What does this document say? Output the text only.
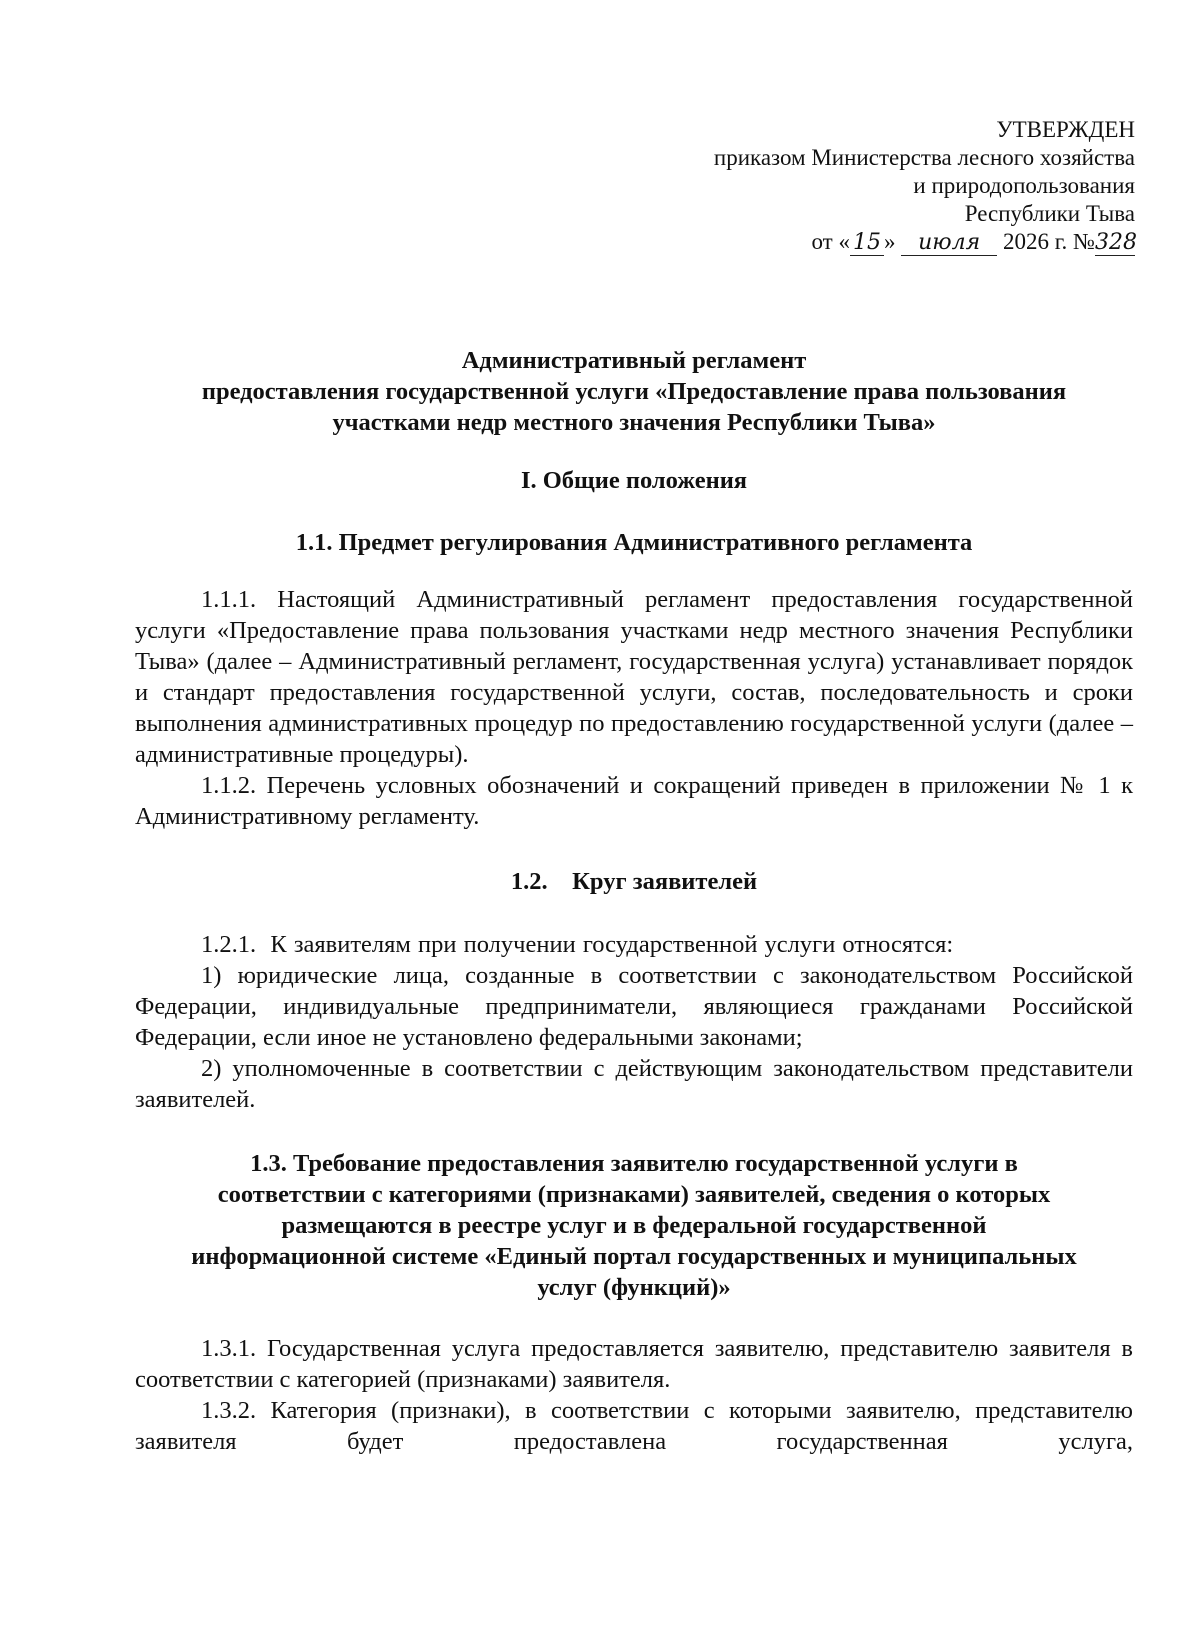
УТВЕРЖДЕН
приказом Министерства лесного хозяйства
и природопользования
Республики Тыва
от « 15 » июля 2026 г. №328
Административный регламент
предоставления государственной услуги «Предоставление права пользования
участками недр местного значения Республики Тыва»
I. Общие положения
1.1. Предмет регулирования Административного регламента

1.1.1. Настоящий Административный регламент предоставления государственной услуги «Предоставление права пользования участками недр местного значения Республики Тыва» (далее – Административный регламент, государственная услуга) устанавливает порядок и стандарт предоставления государственной услуги, состав, последовательность и сроки выполнения административных процедур по предоставлению государственной услуги (далее – административные процедуры).

1.1.2. Перечень условных обозначений и сокращений приведен в приложении № 1 к Административному регламенту.

1.2.    Круг заявителей

1.2.1.  К заявителям при получении государственной услуги относятся:

1) юридические лица, созданные в соответствии с законодательством Российской Федерации, индивидуальные предприниматели, являющиеся гражданами Российской Федерации, если иное не установлено федеральными законами;

2) уполномоченные в соответствии с действующим законодательством представители заявителей.

1.3. Требование предоставления заявителю государственной услуги в
соответствии с категориями (признаками) заявителей, сведения о которых
размещаются в реестре услуг и в федеральной государственной
информационной системе «Единый портал государственных и муниципальных
услуг (функций)»

1.3.1. Государственная услуга предоставляется заявителю, представителю заявителя в соответствии с категорией (признаками) заявителя.

1.3.2. Категория (признаки), в соответствии с которыми заявителю, представителю заявителя будет предоставлена государственная услуга,
